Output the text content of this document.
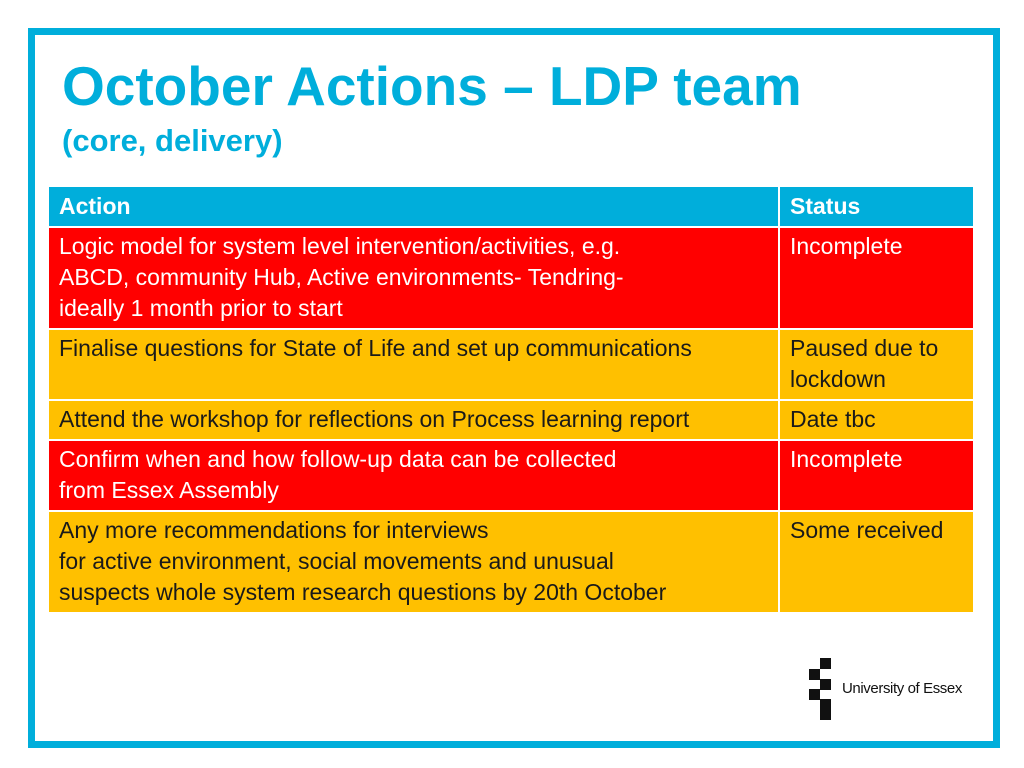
October Actions – LDP team
(core, delivery)
Action	Status
Logic model for system level intervention/activities, e.g.
ABCD, community Hub, Active environments- Tendring-
ideally 1 month prior to start	Incomplete
Finalise questions for State of Life and set up communications	Paused due to lockdown
Attend the workshop for reflections on Process learning report	Date tbc
Confirm when and how follow-up data can be collected
from Essex Assembly	Incomplete
Any more recommendations for interviews
for active environment, social movements and unusual
suspects whole system research questions by 20th October	Some received
University of Essex
